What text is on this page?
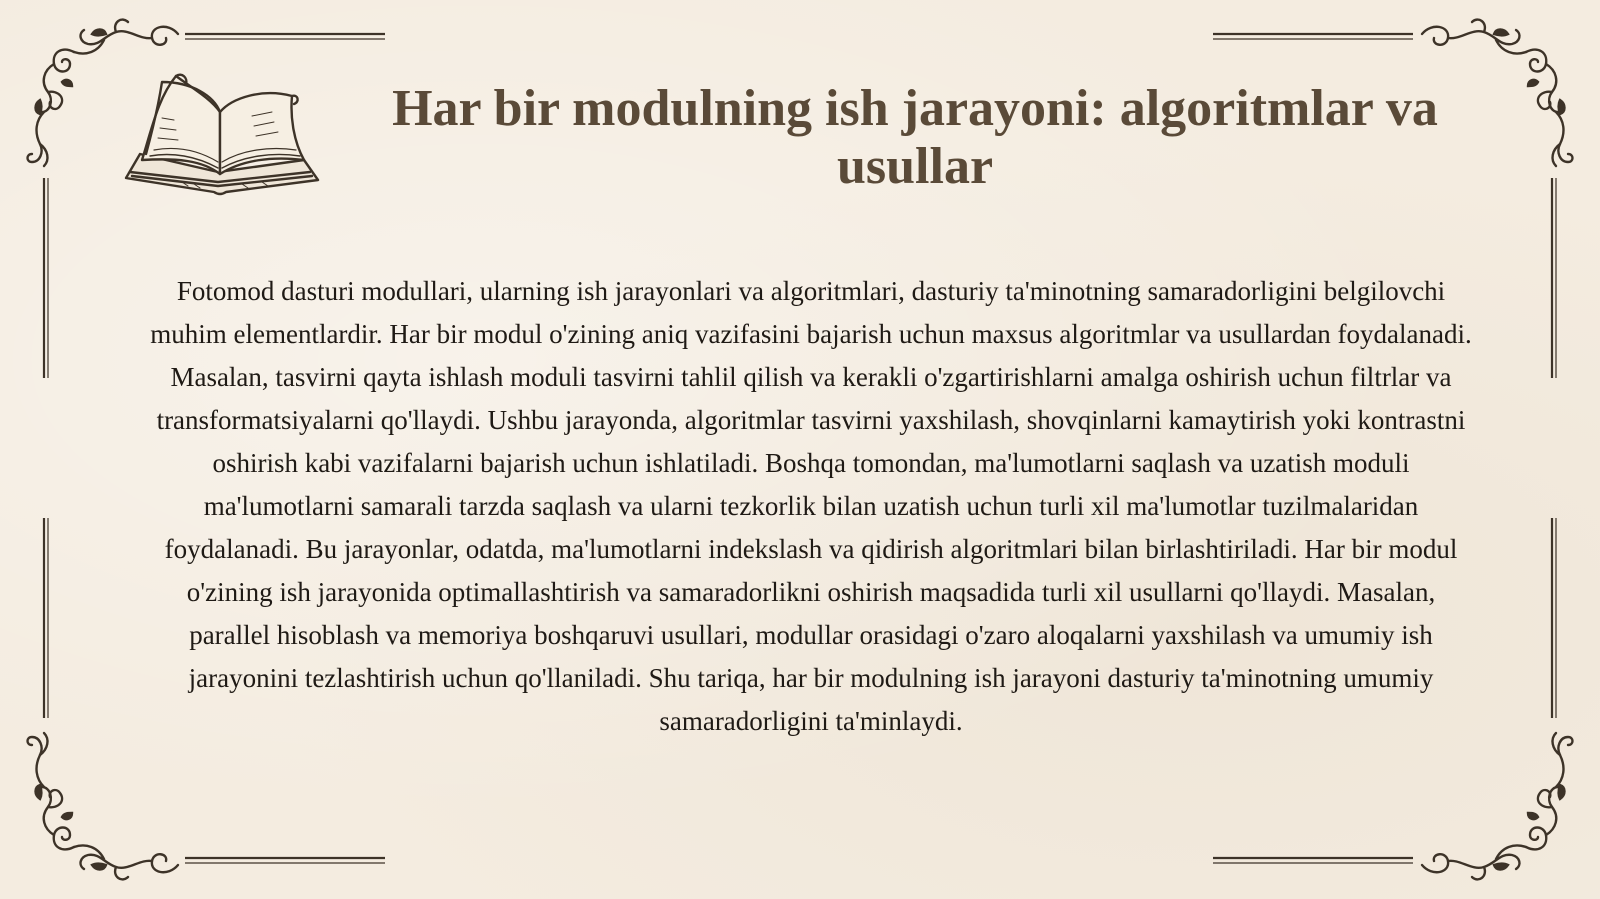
Har bir modulning ish jarayoni: algoritmlar va usullar

Fotomod dasturi modullari, ularning ish jarayonlari va algoritmlari, dasturiy ta'minotning samaradorligini belgilovchi muhim elementlardir. Har bir modul o'zining aniq vazifasini bajarish uchun maxsus algoritmlar va usullardan foydalanadi. Masalan, tasvirni qayta ishlash moduli tasvirni tahlil qilish va kerakli o'zgartirishlarni amalga oshirish uchun filtrlar va transformatsiyalarni qo'llaydi. Ushbu jarayonda, algoritmlar tasvirni yaxshilash, shovqinlarni kamaytirish yoki kontrastni oshirish kabi vazifalarni bajarish uchun ishlatiladi. Boshqa tomondan, ma'lumotlarni saqlash va uzatish moduli ma'lumotlarni samarali tarzda saqlash va ularni tezkorlik bilan uzatish uchun turli xil ma'lumotlar tuzilmalaridan foydalanadi. Bu jarayonlar, odatda, ma'lumotlarni indekslash va qidirish algoritmlari bilan birlashtiriladi. Har bir modul o'zining ish jarayonida optimallashtirish va samaradorlikni oshirish maqsadida turli xil usullarni qo'llaydi. Masalan, parallel hisoblash va memoriya boshqaruvi usullari, modullar orasidagi o'zaro aloqalarni yaxshilash va umumiy ish jarayonini tezlashtirish uchun qo'llaniladi. Shu tariqa, har bir modulning ish jarayoni dasturiy ta'minotning umumiy samaradorligini ta'minlaydi.
